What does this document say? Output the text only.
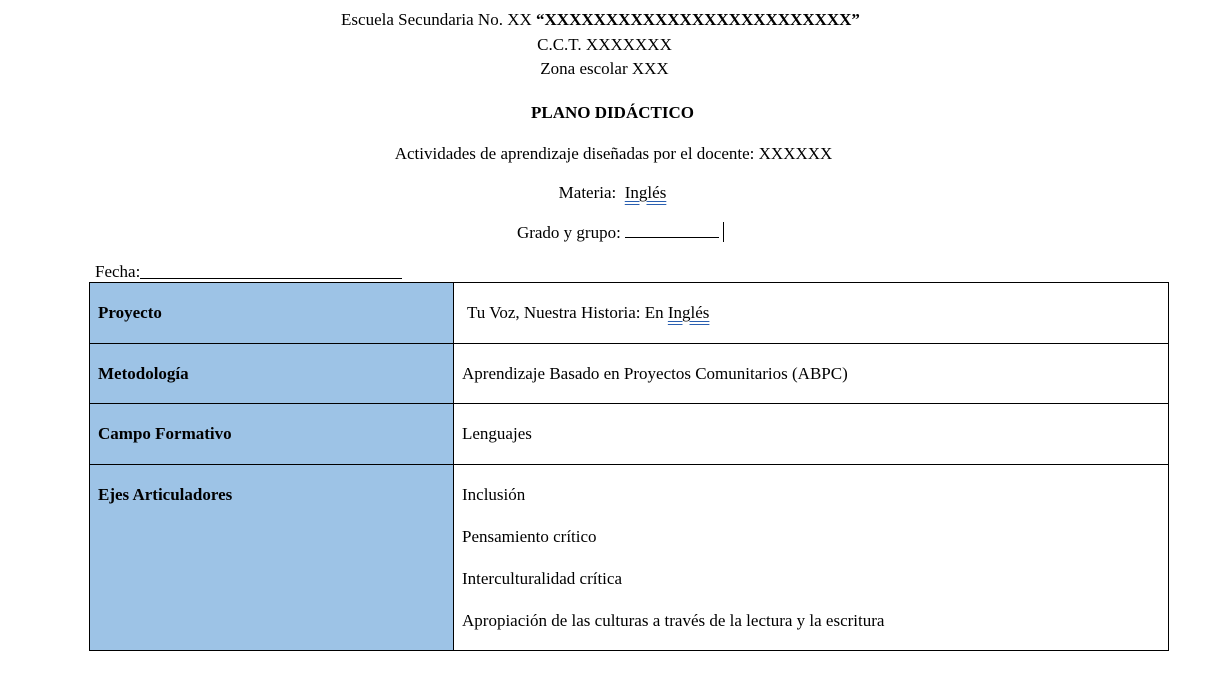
Escuela Secundaria No. XX “XXXXXXXXXXXXXXXXXXXXXXXXX”
C.C.T. XXXXXXX
Zona escolar XXX
PLANO DIDÁCTICO
Actividades de aprendizaje diseñadas por el docente: XXXXXX
Materia: Inglés
Grado y grupo:
Fecha:
Proyecto	Tu Voz, Nuestra Historia: En Inglés

Metodología	Aprendizaje Basado en Proyectos Comunitarios (ABPC)

Campo Formativo	Lenguajes

Ejes Articuladores	Inclusión
Pensamiento crítico
Interculturalidad crítica
Apropiación de las culturas a través de la lectura y la escritura
